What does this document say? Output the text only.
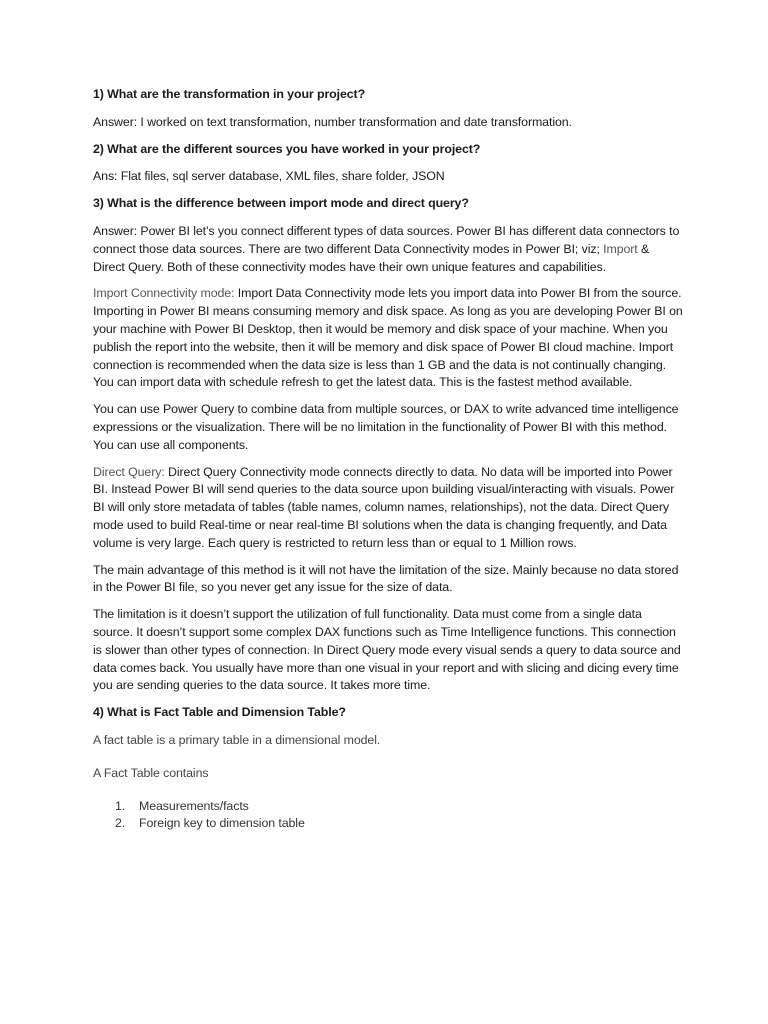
1) What are the transformation in your project?

Answer: I worked on text transformation, number transformation and date transformation.

2) What are the different sources you have worked in your project?

Ans: Flat files, sql server database, XML files, share folder, JSON

3) What is the difference between import mode and direct query?

Answer: Power BI let’s you connect different types of data sources. Power BI has different data connectors to connect those data sources. There are two different Data Connectivity modes in Power BI; viz; Import & Direct Query. Both of these connectivity modes have their own unique features and capabilities.

Import Connectivity mode: Import Data Connectivity mode lets you import data into Power BI from the source. Importing in Power BI means consuming memory and disk space. As long as you are developing Power BI on your machine with Power BI Desktop, then it would be memory and disk space of your machine. When you publish the report into the website, then it will be memory and disk space of Power BI cloud machine. Import connection is recommended when the data size is less than 1 GB and the data is not continually changing. You can import data with schedule refresh to get the latest data. This is the fastest method available.

You can use Power Query to combine data from multiple sources, or DAX to write advanced time intelligence expressions or the visualization. There will be no limitation in the functionality of Power BI with this method. You can use all components.

Direct Query: Direct Query Connectivity mode connects directly to data. No data will be imported into Power BI. Instead Power BI will send queries to the data source upon building visual/interacting with visuals. Power BI will only store metadata of tables (table names, column names, relationships), not the data. Direct Query mode used to build Real-time or near real-time BI solutions when the data is changing frequently, and Data volume is very large. Each query is restricted to return less than or equal to 1 Million rows.

The main advantage of this method is it will not have the limitation of the size. Mainly because no data stored in the Power BI file, so you never get any issue for the size of data.

The limitation is it doesn’t support the utilization of full functionality. Data must come from a single data source. It doesn’t support some complex DAX functions such as Time Intelligence functions. This connection is slower than other types of connection. In Direct Query mode every visual sends a query to data source and data comes back. You usually have more than one visual in your report and with slicing and dicing every time you are sending queries to the data source. It takes more time.

4) What is Fact Table and Dimension Table?

A fact table is a primary table in a dimensional model.

A Fact Table contains

1. Measurements/facts
2. Foreign key to dimension table
